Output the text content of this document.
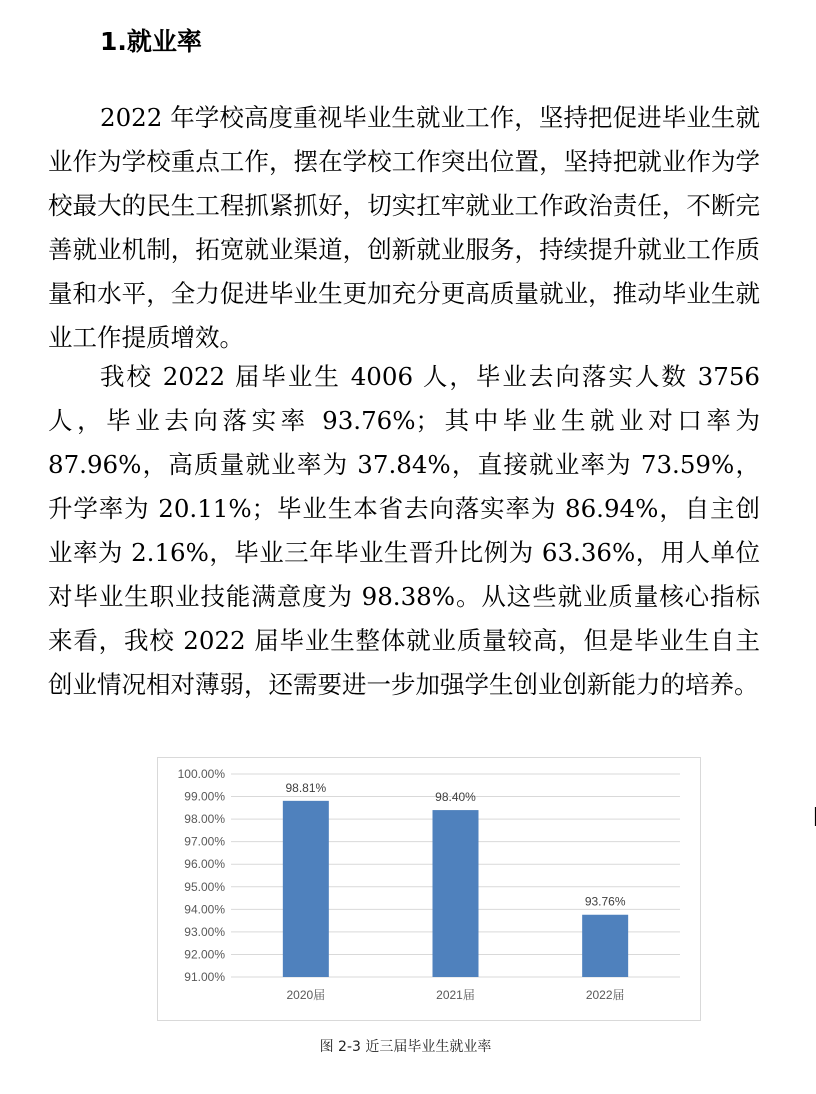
1.就业率

2022 年学校高度重视毕业生就业工作，坚持把促进毕业生就业作为学校重点工作，摆在学校工作突出位置，坚持把就业作为学校最大的民生工程抓紧抓好，切实扛牢就业工作政治责任，不断完善就业机制，拓宽就业渠道，创新就业服务，持续提升就业工作质量和水平，全力促进毕业生更加充分更高质量就业，推动毕业生就业工作提质增效。

我校 2022 届毕业生 4006 人，毕业去向落实人数 3756 人，毕业去向落实率 93.76%；其中毕业生就业对口率为 87.96%，高质量就业率为 37.84%，直接就业率为 73.59%，升学率为 20.11%；毕业生本省去向落实率为 86.94%，自主创业率为 2.16%，毕业三年毕业生晋升比例为 63.36%，用人单位对毕业生职业技能满意度为 98.38%。从这些就业质量核心指标来看，我校 2022 届毕业生整体就业质量较高，但是毕业生自主创业情况相对薄弱，还需要进一步加强学生创业创新能力的培养。

91.00%
92.00%
93.00%
94.00%
95.00%
96.00%
97.00%
98.00%
99.00%
100.00%
98.81%
2020届
98.40%
2021届
93.76%
2022届
图 2-3 近三届毕业生就业率
▕
